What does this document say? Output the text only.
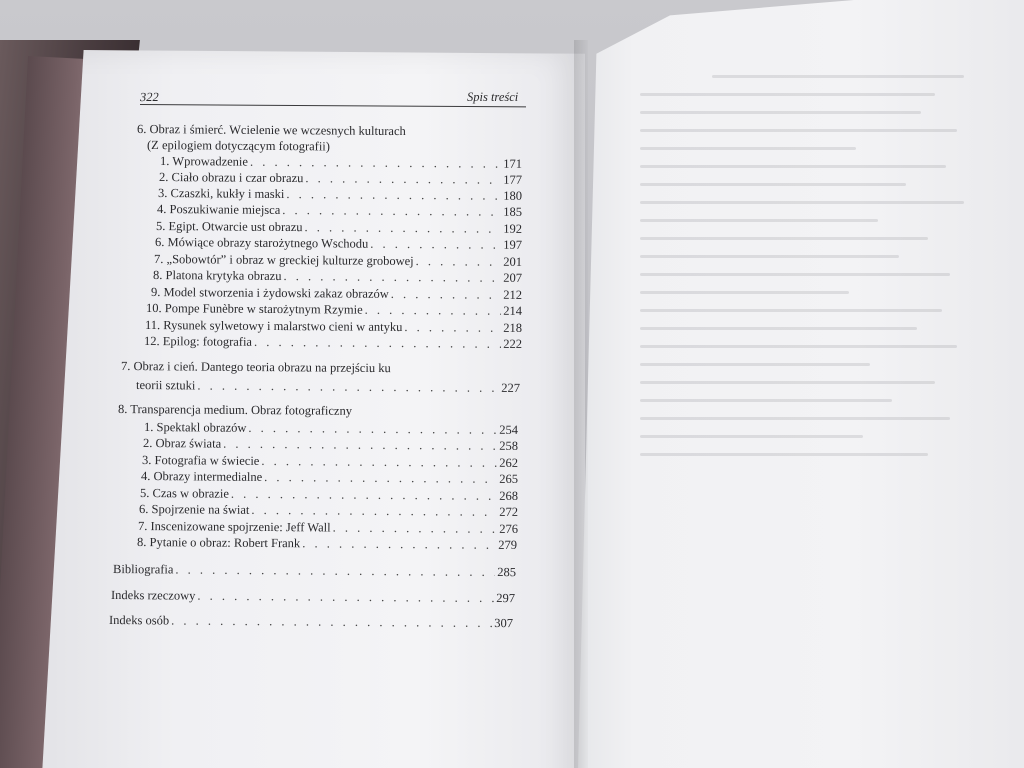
322	Spis treści
6. Obraz i śmierć. Wcielenie we wczesnych kulturach
(Z epilogiem dotyczącym fotografii)
1. Wprowadzenie . . .	171
2. Ciało obrazu i czar obrazu . . .	177
3. Czaszki, kukły i maski . . .	180
4. Poszukiwanie miejsca . . .	185
5. Egipt. Otwarcie ust obrazu . . .	192
6. Mówiące obrazy starożytnego Wschodu . . .	197
7. „Sobowtór” i obraz w greckiej kulturze grobowej . . .	201
8. Platona krytyka obrazu . . .	207
9. Model stworzenia i żydowski zakaz obrazów . . .	212
10. Pompe Funèbre w starożytnym Rzymie . . .	214
11. Rysunek sylwetowy i malarstwo cieni w antyku . . .	218
12. Epilog: fotografia . . .	222
7. Obraz i cień. Dantego teoria obrazu na przejściu ku
teorii sztuki . . .	227
8. Transparencja medium. Obraz fotograficzny
1. Spektakl obrazów . . .	254
2. Obraz świata . . .	258
3. Fotografia w świecie . . .	262
4. Obrazy intermedialne . . .	265
5. Czas w obrazie . . .	268
6. Spojrzenie na świat . . .	272
7. Inscenizowane spojrzenie: Jeff Wall . . .	276
8. Pytanie o obraz: Robert Frank . . .	279
Bibliografia . . .	285
Indeks rzeczowy . . .	297
Indeks osób . . .	307
